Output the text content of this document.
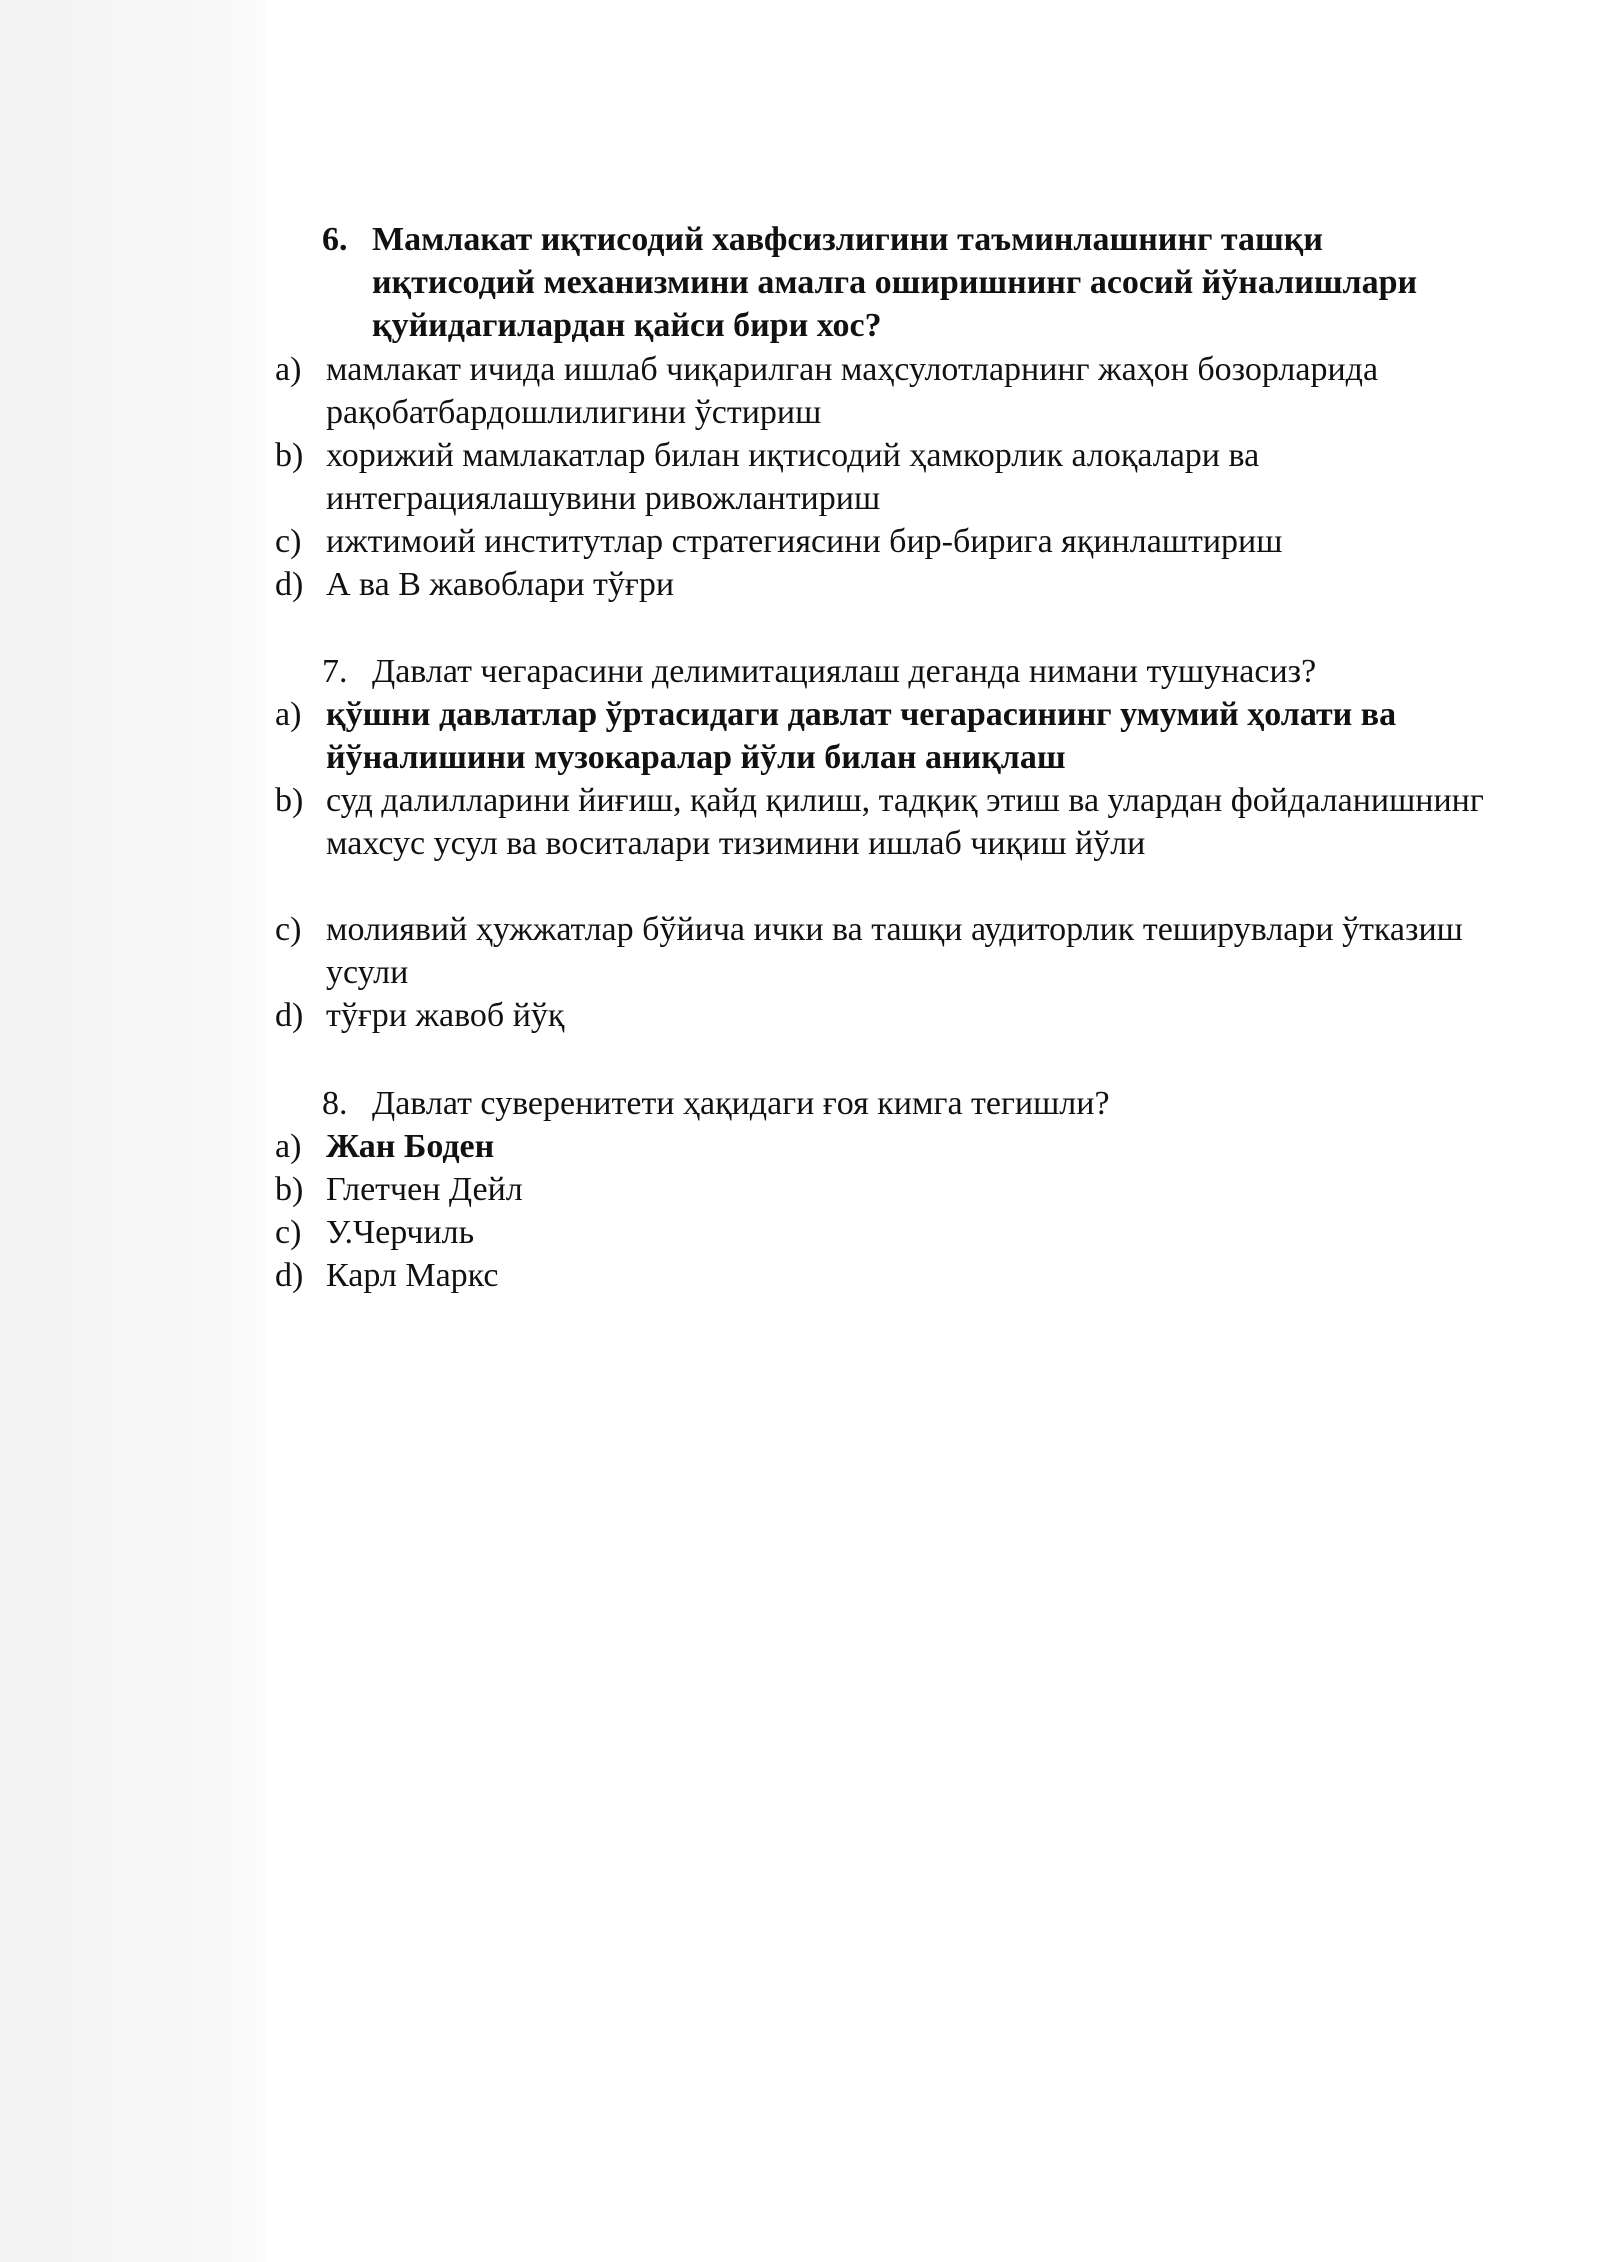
6. Мамлакат иқтисодий хавфсизлигини таъминлашнинг ташқи иқтисодий механизмини амалга оширишнинг асосий йўналишлари қуйидагилардан қайси бири хос?
a) мамлакат ичида ишлаб чиқарилган маҳсулотларнинг жаҳон бозорларида рақобатбардошлилигини ўстириш
b) хорижий мамлакатлар билан иқтисодий ҳамкорлик алоқалари ва интеграциялашувини ривожлантириш
c) ижтимоий институтлар стратегиясини бир-бирига яқинлаштириш
d) А ва В жавоблари тўғри
7. Давлат чегарасини делимитациялаш деганда нимани тушунасиз?
a) қўшни давлатлар ўртасидаги давлат чегарасининг умумий ҳолати ва йўналишини музокаралар йўли билан аниқлаш
b) суд далилларини йиғиш, қайд қилиш, тадқиқ этиш ва улардан фойдаланишнинг махсус усул ва воситалари тизимини ишлаб чиқиш йўли
c) молиявий ҳужжатлар бўйича ички ва ташқи аудиторлик теширувлари ўтказиш усули
d) тўғри жавоб йўқ
8. Давлат суверенитети ҳақидаги ғоя кимга тегишли?
a) Жан Боден
b) Глетчен Дейл
c) У.Черчиль
d) Карл Маркс
